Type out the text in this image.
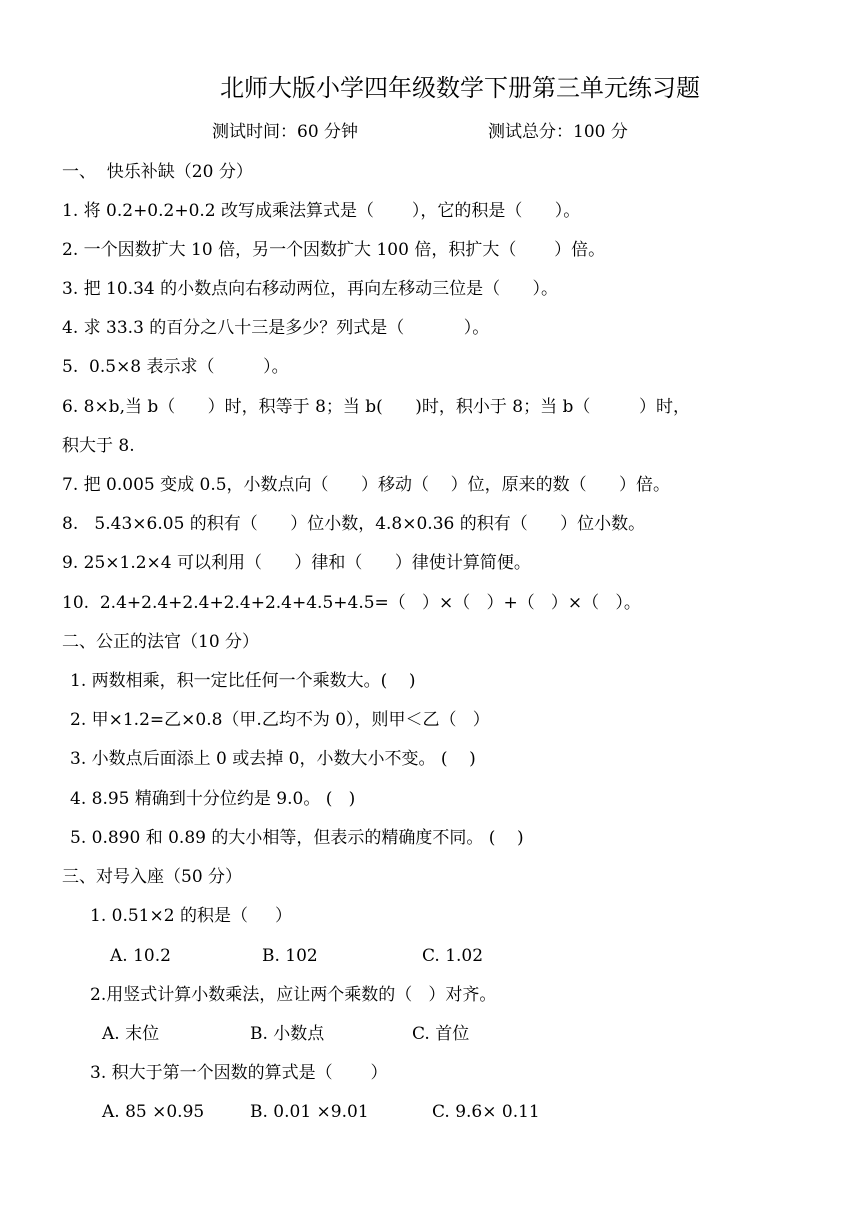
北师大版小学四年级数学下册第三单元练习题
测试时间：60 分钟	测试总分：100 分
一、  快乐补缺（20 分）
1. 将 0.2+0.2+0.2 改写成乘法算式是（       ），它的积是（      ）。
2. 一个因数扩大 10 倍，另一个因数扩大 100 倍，积扩大（       ）倍。
3. 把 10.34 的小数点向右移动两位，再向左移动三位是（      ）。
4. 求 33.3 的百分之八十三是多少？列式是（           ）。
5.  0.5×8 表示求（         ）。
6. 8×b,当 b（      ）时，积等于 8；当 b(      )时，积小于 8；当 b（         ）时，
积大于 8.
7. 把 0.005 变成 0.5，小数点向（      ）移动（    ）位，原来的数（      ）倍。
8.   5.43×6.05 的积有（      ）位小数，4.8×0.36 的积有（      ）位小数。
9. 25×1.2×4 可以利用（      ）律和（      ）律使计算简便。
10.  2.4+2.4+2.4+2.4+2.4+4.5+4.5=（   ）×（   ）+（   ）×（   ）。
二、公正的法官（10 分）
1. 两数相乘，积一定比任何一个乘数大。(    )
2. 甲×1.2=乙×0.8（甲.乙均不为 0），则甲＜乙（   ）
3. 小数点后面添上 0 或去掉 0，小数大小不变。 (    )
4. 8.95 精确到十分位约是 9.0。 (   )
5. 0.890 和 0.89 的大小相等，但表示的精确度不同。 (    )
三、对号入座（50 分）
1. 0.51×2 的积是（     ）
A. 10.2	B. 102	C. 1.02
2.用竖式计算小数乘法，应让两个乘数的（   ）对齐。
A. 末位	B. 小数点	C. 首位
3. 积大于第一个因数的算式是（       ）
A. 85 ×0.95	B. 0.01 ×9.01	C. 9.6× 0.11
